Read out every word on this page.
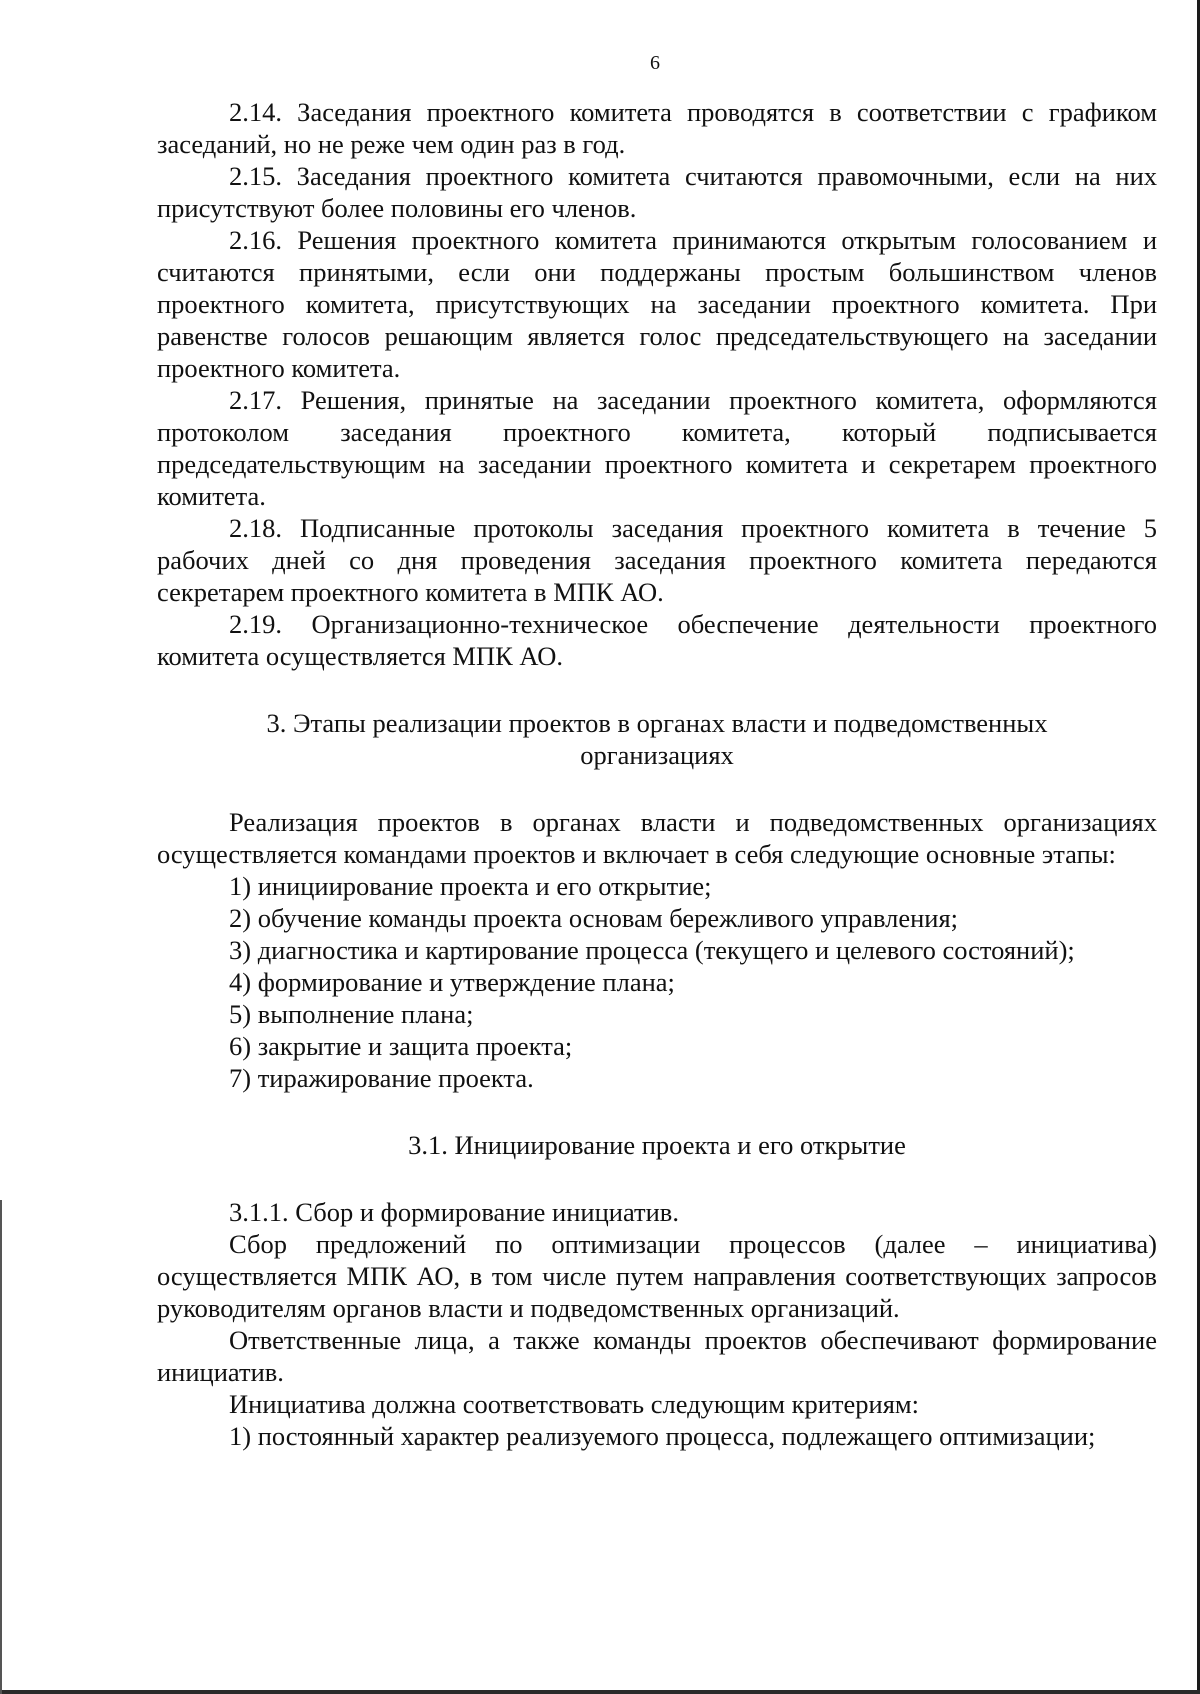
6

2.14. Заседания проектного комитета проводятся в соответствии с графиком заседаний, но не реже чем один раз в год.

2.15. Заседания проектного комитета считаются правомочными, если на них присутствуют более половины его членов.

2.16. Решения проектного комитета принимаются открытым голосованием и считаются принятыми, если они поддержаны простым большинством членов проектного комитета, присутствующих на заседании проектного комитета. При равенстве голосов решающим является голос председательствующего на заседании проектного комитета.

2.17. Решения, принятые на заседании проектного комитета, оформляются протоколом заседания проектного комитета, который подписывается председательствующим на заседании проектного комитета и секретарем проектного комитета.

2.18. Подписанные протоколы заседания проектного комитета в течение 5 рабочих дней со дня проведения заседания проектного комитета передаются секретарем проектного комитета в МПК АО.

2.19. Организационно-техническое обеспечение деятельности проектного комитета осуществляется МПК АО.

3. Этапы реализации проектов в органах власти и подведомственных

организациях

Реализация проектов в органах власти и подведомственных организациях осуществляется командами проектов и включает в себя следующие основные этапы:

1) инициирование проекта и его открытие;

2) обучение команды проекта основам бережливого управления;

3) диагностика и картирование процесса (текущего и целевого состояний);

4) формирование и утверждение плана;

5) выполнение плана;

6) закрытие и защита проекта;

7) тиражирование проекта.

3.1. Инициирование проекта и его открытие

3.1.1. Сбор и формирование инициатив.

Сбор предложений по оптимизации процессов (далее – инициатива) осуществляется МПК АО, в том числе путем направления соответствующих запросов руководителям органов власти и подведомственных организаций.

Ответственные лица, а также команды проектов обеспечивают формирование инициатив.

Инициатива должна соответствовать следующим критериям:

1) постоянный характер реализуемого процесса, подлежащего оптимизации;
